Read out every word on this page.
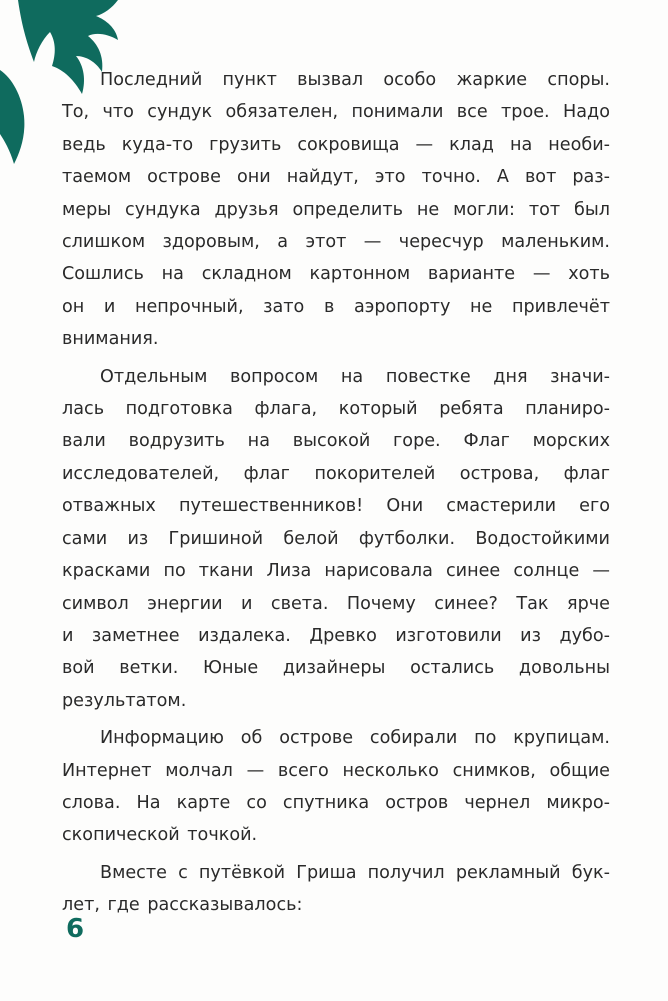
Последний пункт вызвал особо жаркие споры.
То, что сундук обязателен, понимали все трое. Надо
ведь куда-то грузить сокровища — клад на необи-
таемом острове они найдут, это точно. А вот раз-
меры сундука друзья определить не могли: тот был
слишком здоровым, а этот — чересчур маленьким.
Сошлись на складном картонном варианте — хоть
он и непрочный, зато в аэропорту не привлечёт
внимания.

Отдельным вопросом на повестке дня значи-
лась подготовка флага, который ребята планиро-
вали водрузить на высокой горе. Флаг морских
исследователей, флаг покорителей острова, флаг
отважных путешественников! Они смастерили его
сами из Гришиной белой футболки. Водостойкими
красками по ткани Лиза нарисовала синее солнце —
символ энергии и света. Почему синее? Так ярче
и заметнее издалека. Древко изготовили из дубо-
вой ветки. Юные дизайнеры остались довольны
результатом.

Информацию об острове собирали по крупицам.
Интернет молчал — всего несколько снимков, общие
слова. На карте со спутника остров чернел микро-
скопической точкой.

Вместе с путёвкой Гриша получил рекламный бук-
лет, где рассказывалось:

6
